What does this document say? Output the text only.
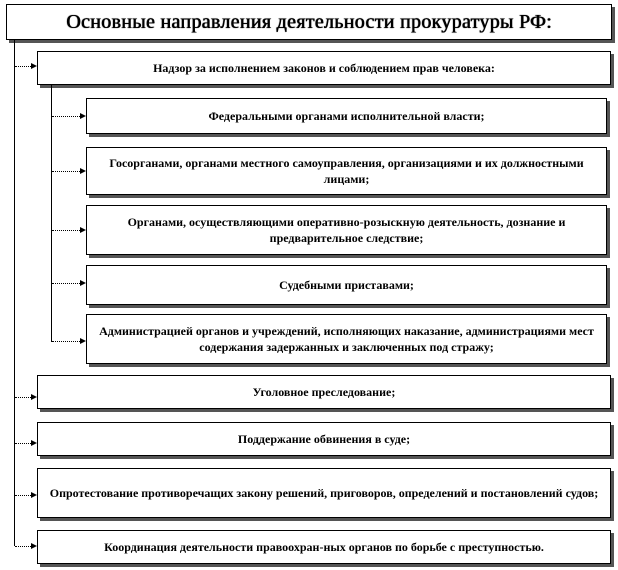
Основные направления деятельности прокуратуры РФ:
Надзор за исполнением законов и соблюдением прав человека:
Федеральными органами исполнительной власти;
Госорганами, органами местного самоуправления, организациями и их должностными лицами;
Органами, осуществляющими оперативно-розыскную деятельность, дознание и предварительное следствие;
Судебными приставами;
Администрацией органов и учреждений, исполняющих наказание, администрациями мест содержания задержанных и заключенных под стражу;
Уголовное преследование;
Поддержание обвинения в суде;
Опротестование противоречащих закону решений, приговоров, определений и постановлений судов;
Координация деятельности правоохран-ных органов по борьбе с преступностью.
